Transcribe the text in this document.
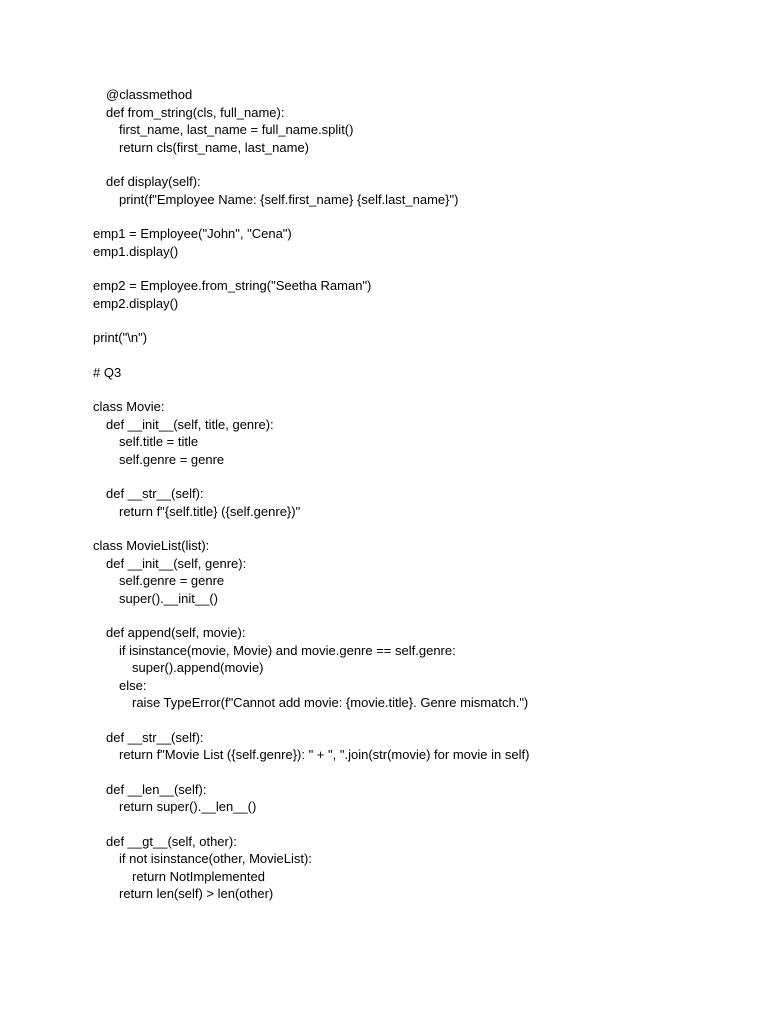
@classmethod
def from_string(cls, full_name):
first_name, last_name = full_name.split()
return cls(first_name, last_name)
def display(self):
print(f"Employee Name: {self.first_name} {self.last_name}")
emp1 = Employee("John", "Cena")
emp1.display()
emp2 = Employee.from_string("Seetha Raman")
emp2.display()
print("\n")
# Q3
class Movie:
def __init__(self, title, genre):
self.title = title
self.genre = genre
def __str__(self):
return f"{self.title} ({self.genre})"
class MovieList(list):
def __init__(self, genre):
self.genre = genre
super().__init__()
def append(self, movie):
if isinstance(movie, Movie) and movie.genre == self.genre:
super().append(movie)
else:
raise TypeError(f"Cannot add movie: {movie.title}. Genre mismatch.")
def __str__(self):
return f"Movie List ({self.genre}): " + ", ".join(str(movie) for movie in self)
def __len__(self):
return super().__len__()
def __gt__(self, other):
if not isinstance(other, MovieList):
return NotImplemented
return len(self) > len(other)
